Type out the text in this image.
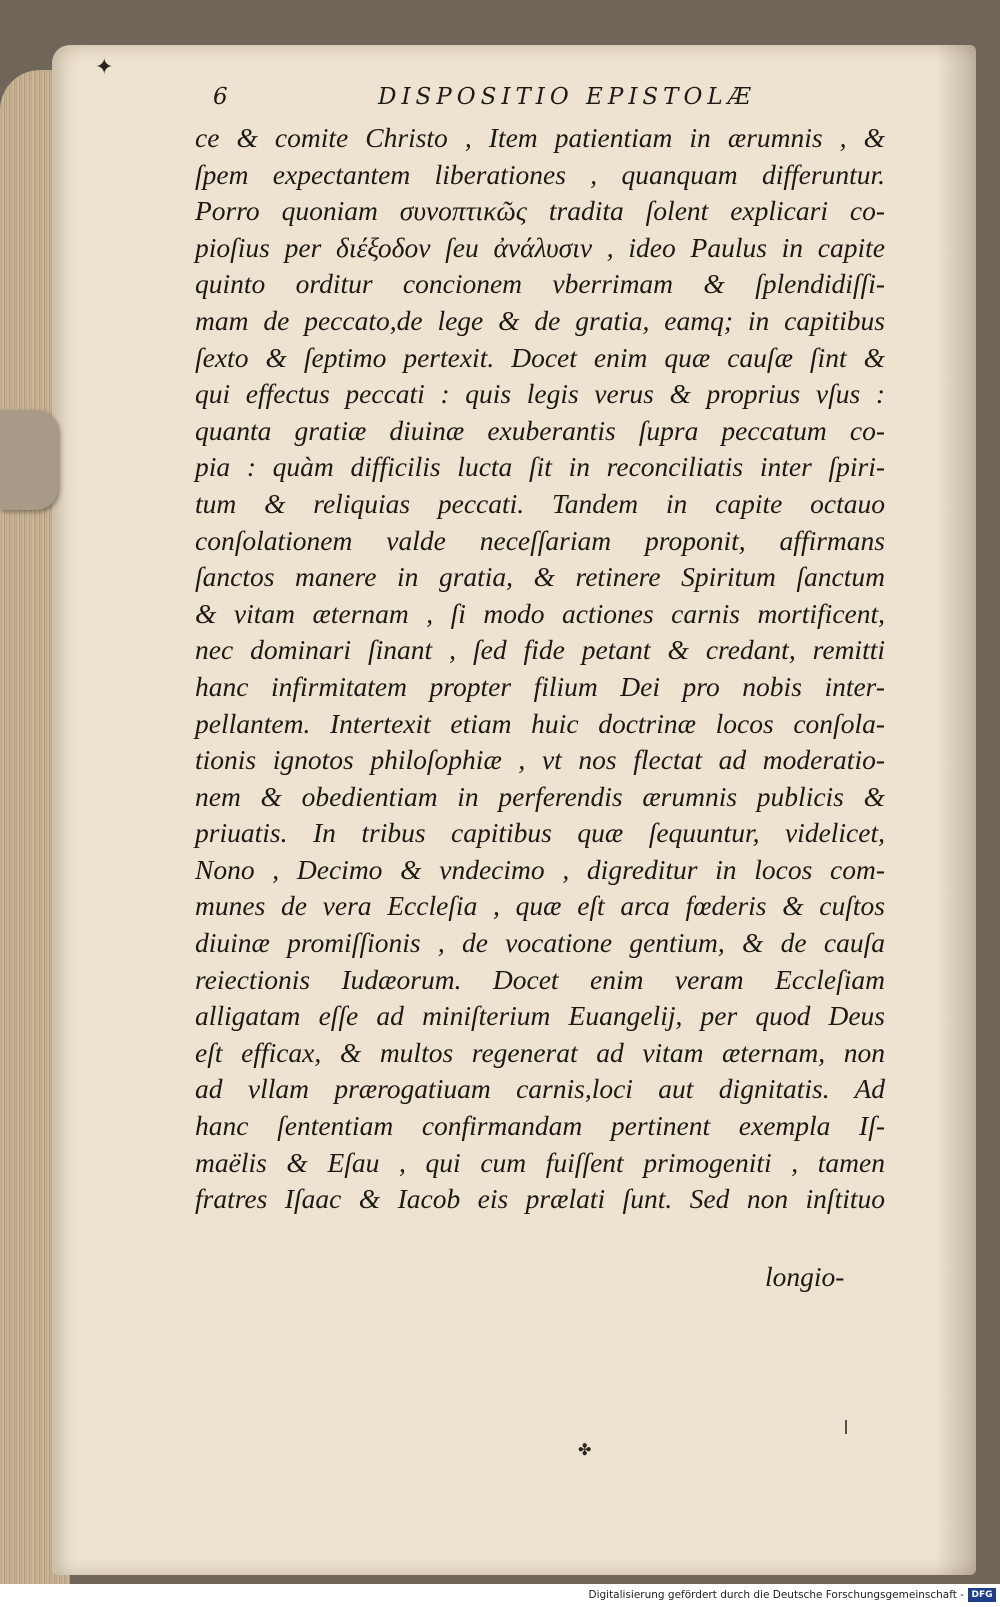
✦
6	DISPOSITIO EPISTOLÆ
ce & comite Christo , Item patientiam in ærumnis , &
ſpem expectantem liberationes , quanquam differuntur.
Porro quoniam συνοπτικῶς tradita ſolent explicari co-
pioſius per διέξοδον ſeu ἀνάλυσιν , ideo Paulus in capite
quinto orditur concionem vberrimam & ſplendidiſſi-
mam de peccato,de lege & de gratia, eamq; in capitibus
ſexto & ſeptimo pertexit. Docet enim quæ cauſæ ſint &
qui effectus peccati : quis legis verus & proprius vſus :
quanta gratiæ diuinæ exuberantis ſupra peccatum co-
pia : quàm difficilis lucta ſit in reconciliatis inter ſpiri-
tum & reliquias peccati. Tandem in capite octauo
conſolationem valde neceſſariam proponit, affirmans
ſanctos manere in gratia, & retinere Spiritum ſanctum
& vitam æternam , ſi modo actiones carnis mortificent,
nec dominari ſinant , ſed fide petant & credant, remitti
hanc infirmitatem propter filium Dei pro nobis inter-
pellantem. Intertexit etiam huic doctrinæ locos conſola-
tionis ignotos philoſophiæ , vt nos flectat ad moderatio-
nem & obedientiam in perferendis ærumnis publicis &
priuatis. In tribus capitibus quæ ſequuntur, videlicet,
Nono , Decimo & vndecimo , digreditur in locos com-
munes de vera Eccleſia , quæ eſt arca fœderis & cuſtos
diuinæ promiſſionis , de vocatione gentium, & de cauſa
reiectionis Iudæorum. Docet enim veram Eccleſiam
alligatam eſſe ad miniſterium Euangelij, per quod Deus
eſt efficax, & multos regenerat ad vitam æternam, non
ad vllam prærogatiuam carnis,loci aut dignitatis. Ad
hanc ſententiam confirmandam pertinent exempla Iſ-
maëlis & Eſau , qui cum fuiſſent primogeniti , tamen
fratres Iſaac & Iacob eis prælati ſunt. Sed non inſtituo
longio-
✤
Digitalisierung gefördert durch die Deutsche Forschungsgemeinschaft - DFG
